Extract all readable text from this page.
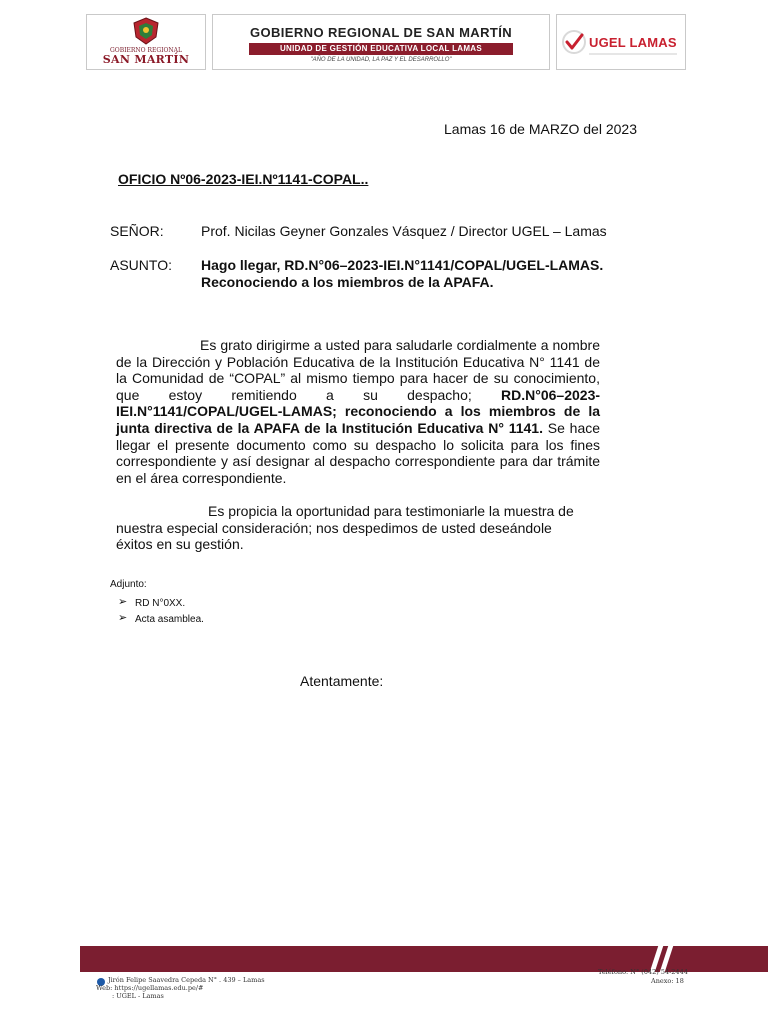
GOBIERNO REGIONAL
SAN MARTÍN
GOBIERNO REGIONAL DE SAN MARTÍN
UNIDAD DE GESTIÓN EDUCATIVA LOCAL LAMAS
"AÑO DE LA UNIDAD, LA PAZ Y EL DESARROLLO"
UGEL LAMAS
Lamas 16 de MARZO del 2023
OFICIO Nº06-2023-IEI.Nº1141-COPAL..
SEÑOR:	Prof. Nicilas Geyner Gonzales Vásquez / Director UGEL – Lamas
ASUNTO: Hago llegar, RD.N°06–2023-IEI.N°1141/COPAL/UGEL-LAMAS.
Reconociendo a los miembros de la APAFA.
Es grato dirigirme a usted para saludarle cordialmente a nombre de la Dirección y Población Educativa de la Institución Educativa N° 1141 de la Comunidad de “COPAL” al mismo tiempo para hacer de su conocimiento, que estoy remitiendo a su despacho; RD.N°06–2023-IEI.N°1141/COPAL/UGEL-LAMAS; reconociendo a los miembros de la junta directiva de la APAFA de la Institución Educativa N° 1141. Se hace llegar el presente documento como su despacho lo solicita para los fines correspondiente y así designar al despacho correspondiente para dar trámite en el área correspondiente.
Es propicia la oportunidad para testimoniarle la muestra de nuestra especial consideración; nos despedimos de usted deseándole éxitos en su gestión.
Adjunto:
➢ RD N°0XX.
➢ Acta asamblea.
Atentamente:
Jirón Felipe Saavedra Cepeda N° . 439 – Lamas
Web: https://ugellamas.edu.pe/#
: UGEL - Lamas
Teléfono: N° (042) 54-2444
Anexo: 18
